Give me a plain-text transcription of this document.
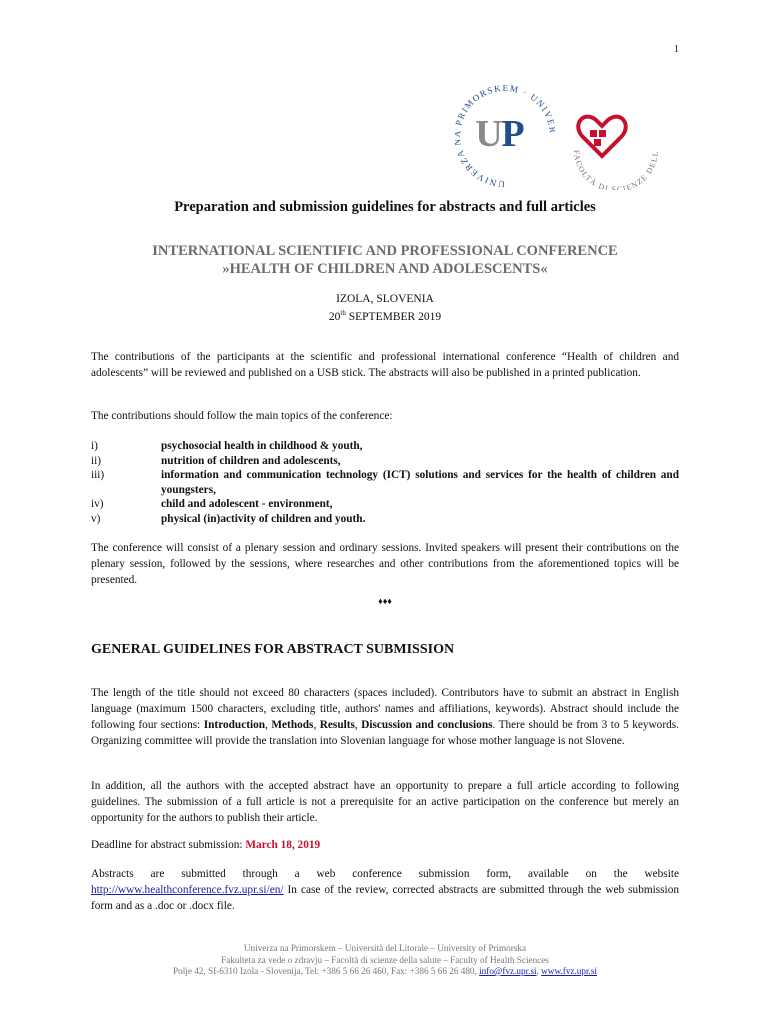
1
UNIVERZA RIMORSKEM · UNIV
U
P	FACOLTÀ DI SCIENZE DELL
Preparation and submission guidelines for abstracts and full articles
INTERNATIONAL SCIENTIFIC AND PROFESSIONAL CONFERENCE
»HEALTH OF CHILDREN AND ADOLESCENTS«
IZOLA, SLOVENIA
20th SEPTEMBER 2019
The contributions of the participants at the scientific and professional international conference “Health of children and adolescents” will be reviewed and published on a USB stick. The abstracts will also be published in a printed publication.
The contributions should follow the main topics of the conference:
i)	psychosocial health in childhood & youth,
ii)	nutrition of children and adolescents,
iii)	information and communication technology (ICT) solutions and services for the health of children and youngsters,
iv)	child and adolescent - environment,
v)	physical (in)activity of children and youth.
The conference will consist of a plenary session and ordinary sessions. Invited speakers will present their contributions on the plenary session, followed by the sessions, where researches and other contributions from the aforementioned topics will be presented.
♦♦♦
GENERAL GUIDELINES FOR ABSTRACT SUBMISSION
The length of the title should not exceed 80 characters (spaces included). Contributors have to submit an abstract in English language (maximum 1500 characters, excluding title, authors' names and affiliations, keywords). Abstract should include the following four sections: Introduction, Methods, Results, Discussion and conclusions. There should be from 3 to 5 keywords. Organizing committee will provide the translation into Slovenian language for whose mother language is not Slovene.
In addition, all the authors with the accepted abstract have an opportunity to prepare a full article according to following guidelines. The submission of a full article is not a prerequisite for an active participation on the conference but merely an opportunity for the authors to publish their article.
Deadline for abstract submission: March 18, 2019
Abstracts are submitted through a web conference submission form, available on the website http://www.healthconference.fvz.upr.si/en/ In case of the review, corrected abstracts are submitted through the web submission form and as a .doc or .docx file.
Univerza na Primorskem – Università del Litorale – University of Primorska
Fakulteta za vede o zdravju – Facoltà di scienze della salute – Faculty of Health Sciences
Polje 42, SI-6310 Izola - Slovenija, Tel: +386 5 66 26 460, Fax: +386 5 66 26 480, info@fvz.upr.si, www.fvz.upr.si
